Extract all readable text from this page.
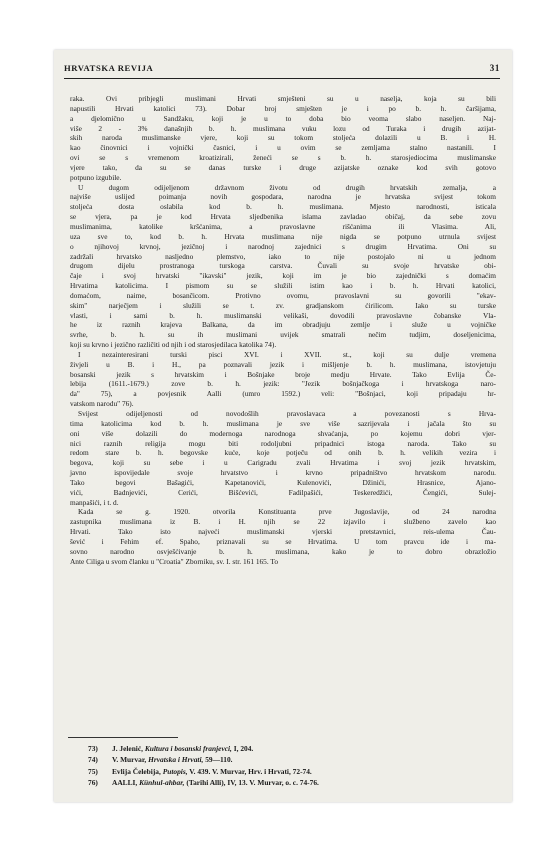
HRVATSKA REVIJA	31

raka. Ovi pribjegli muslimani Hrvati smješteni su u naselja, koja su bili

napustili Hrvati katolici 73). Dobar broj smješten je i po b. h. čaršijama,

a djelomično u Sandžaku, koji je u to doba bio veoma slabo naseljen. Naj-

više 2 - 3% današnjih b. h. muslimana vuku lozu od Turaka i drugih azijat-

skih naroda muslimanske vjere, koji su tokom stoljeća dolazili u B. i H.

kao činovnici i vojnički časnici, i u ovim se zemljama stalno nastanili. I

ovi se s vremenom kroatizirali, ženeći se s b. h. starosjediocima muslimanske

vjere tako, da su se danas turske i druge azijatske oznake kod svih gotovo

potpuno izgubile.

U dugom odijeljenom državnom životu od drugih hrvatskih zemalja, a

najviše uslijed poimanja novih gospodara, narodna je hrvatska svijest tokom

stoljeća dosta oslabila kod b. h. muslimana. Mjesto narodnosti, isticala

se vjera, pa je kod Hrvata sljedbenika islama zavladao običaj, da sebe zovu

muslimanima, katolike kršćanima, a pravoslavne rišćanima ili Vlasima. Ali,

uza sve to, kod b. h. Hrvata muslimana nije nigda se potpuno utrnula svijest

o njihovoj krvnoj, jezičnoj i narodnoj zajednici s drugim Hrvatima. Oni su

zadržali hrvatsko nasljedno plemstvo, iako to nije postojalo ni u jednom

drugom dijelu prostranoga turskoga carstva. Čuvali su svoje hrvatske obi-

čaje i svoj hrvatski "ikavski" jezik, koji im je bio zajednički s domaćim

Hrvatima katolicima. I pismom su se služili istim kao i b. h. Hrvati katolici,

domaćom, naime, bosančicom. Protivno ovomu, pravoslavni su govorili "ekav-

skim" narječjem i služili se t. zv. gradjanskom ćirilicom. Iako su turske

vlasti, i sami b. h. muslimanski velikaši, dovodili pravoslavne čobanske Vla-

he iz raznih krajeva Balkana, da im obradjuju zemlje i služe u vojničke

svrhe, b. h. su ih muslimani uvijek smatrali nečim tudjim, doseljenicima,

koji su krvno i jezično različiti od njih i od starosjedilaca katolika 74).

I nezainteresirani turski pisci XVI. i XVII. st., koji su dulje vremena

živjeli u B. i H., pa poznavali jezik i mišljenje b. h. muslimana, istovjetuju

bosanski jezik s hrvatskim i Bošnjake broje medju Hrvate. Tako Evlija Če-

lebija (1611.-1679.) zove b. h. jezik: "Jezik bošnjačkoga i hrvatskoga naro-

da" 75), a povjesnik Aalli (umro 1592.) veli: "Bošnjaci, koji pripadaju hr-

vatskom narodu" 76).

Svijest odijeljenosti od novodošlih pravoslavaca a povezanosti s Hrva-

tima katolicima kod b. h. muslimana je sve više sazrijevala i jačala što su

oni više dolazili do modernoga narodnoga shvaćanja, po kojemu dobri vjer-

nici raznih religija mogu biti rodoljubni pripadnici istoga naroda. Tako su

redom stare b. h. begovske kuće, koje potječu od onih b. h. velikih vezira i

begova, koji su sebe i u Carigradu zvali Hrvatima i svoj jezik hrvatskim,

javno ispovijedale svoje hrvatstvo i krvno pripadništvo hrvatskom narodu.

Tako begovi Bašagići, Kapetanovići, Kulenovići, Džinići, Hrasnice, Ajano-

vići, Badnjevići, Cerići, Bišćevići, Fadilpašići, Teskeredžići, Čengići, Sulej-

manpašići, i t. d.

Kada se g. 1920. otvorila Konstituanta prve Jugoslavije, od 24 narodna

zastupnika muslimana iz B. i H. njih se 22 izjavilo i službeno zavelo kao

Hrvati. Tako isto najveći muslimanski vjerski pretstavnici, reis-ulema Čau-

šević i Fehim ef. Spaho, priznavali su se Hrvatima. U tom pravcu ide i ma-

sovno narodno osvješćivanje b. h. muslimana, kako je to dobro obrazložio

Ante Ciliga u svom članku u "Croatia" Zborniku, sv. I. str. 161 165. To

73) J. Jelenić, Kultura i bosanski franjevci, I, 204.
74) V. Murvar, Hrvatska i Hrvati, 59—110.
75) Evlija Čelebija, Putopis, V. 439. V. Murvar, Hrv. i Hrvati, 72-74.
76) AALLI, Künhul-ahbar, (Tarihi Alli), IV, 13. V. Murvar, o. c. 74-76.
